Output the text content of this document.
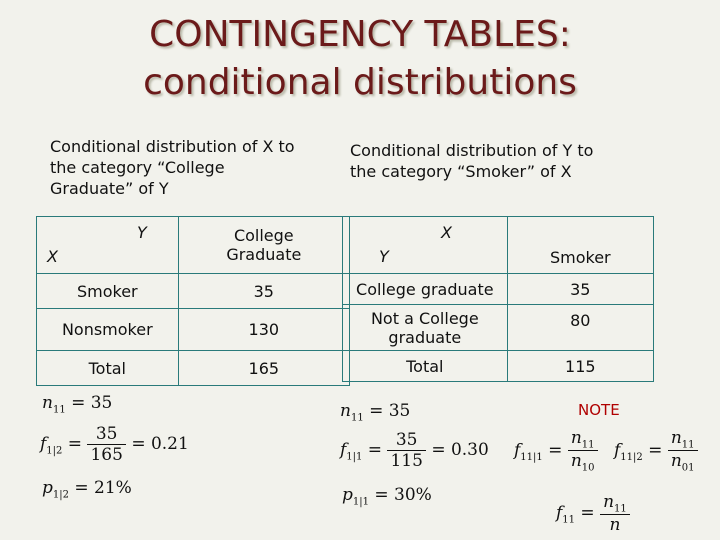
CONTINGENCY TABLES:
conditional distributions
Conditional distribution of X to the category “College Graduate” of Y
Conditional distribution of Y to the category “Smoker” of X
Y
X	College Graduate
Smoker	35
Nonsmoker	130
Total	165
X
Y	Smoker
College graduate	35
Not a College graduate	80
Total	115
$n_{11} = 35$
$f_{1|2} = \frac{35}{165} = 0.21$
$p_{1|2} = 21\%$
$n_{11} = 35$
$f_{1|1} = \frac{35}{115} = 0.30$
$p_{1|1} = 30\%$
NOTE
$f_{11|1} = \frac{n_{11}}{n_{10}} f_{11|2} = \frac{n_{11}}{n_{01}}$
$f_{11} = \frac{n_{11}}{n}$
